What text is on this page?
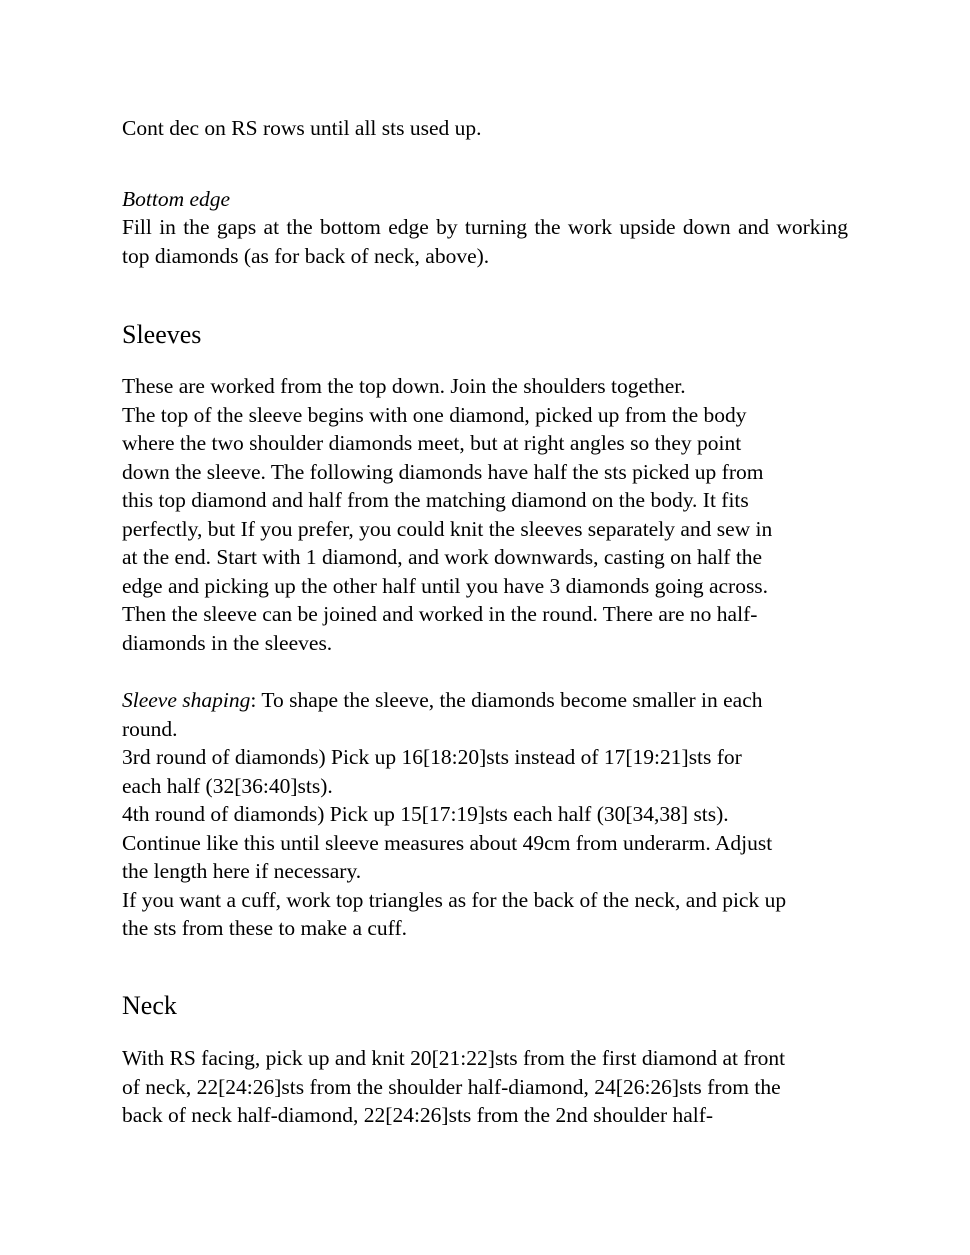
Cont dec on RS rows until all sts used up.

Bottom edge

Fill in the gaps at the bottom edge by turning the work upside down and working top diamonds (as for back of neck, above).

Sleeves
These are worked from the top down. Join the shoulders together.
The top of the sleeve begins with one diamond, picked up from the body
where the two shoulder diamonds meet, but at right angles so they point
down the sleeve. The following diamonds have half the sts picked up from
this top diamond and half from the matching diamond on the body. It fits
perfectly, but If you prefer, you could knit the sleeves separately and sew in
at the end. Start with 1 diamond, and work downwards, casting on half the
edge and picking up the other half until you have 3 diamonds going across.
Then the sleeve can be joined and worked in the round. There are no half-
diamonds in the sleeves.
Sleeve shaping: To shape the sleeve, the diamonds become smaller in each
round.
3rd round of diamonds) Pick up 16[18:20]sts instead of 17[19:21]sts for
each half (32[36:40]sts).
4th round of diamonds) Pick up 15[17:19]sts each half (30[34,38] sts).
Continue like this until sleeve measures about 49cm from underarm. Adjust
the length here if necessary.
If you want a cuff, work top triangles as for the back of the neck, and pick up
the sts from these to make a cuff.
Neck
With RS facing, pick up and knit 20[21:22]sts from the first diamond at front
of neck, 22[24:26]sts from the shoulder half-diamond, 24[26:26]sts from the
back of neck half-diamond, 22[24:26]sts from the 2nd shoulder half-
